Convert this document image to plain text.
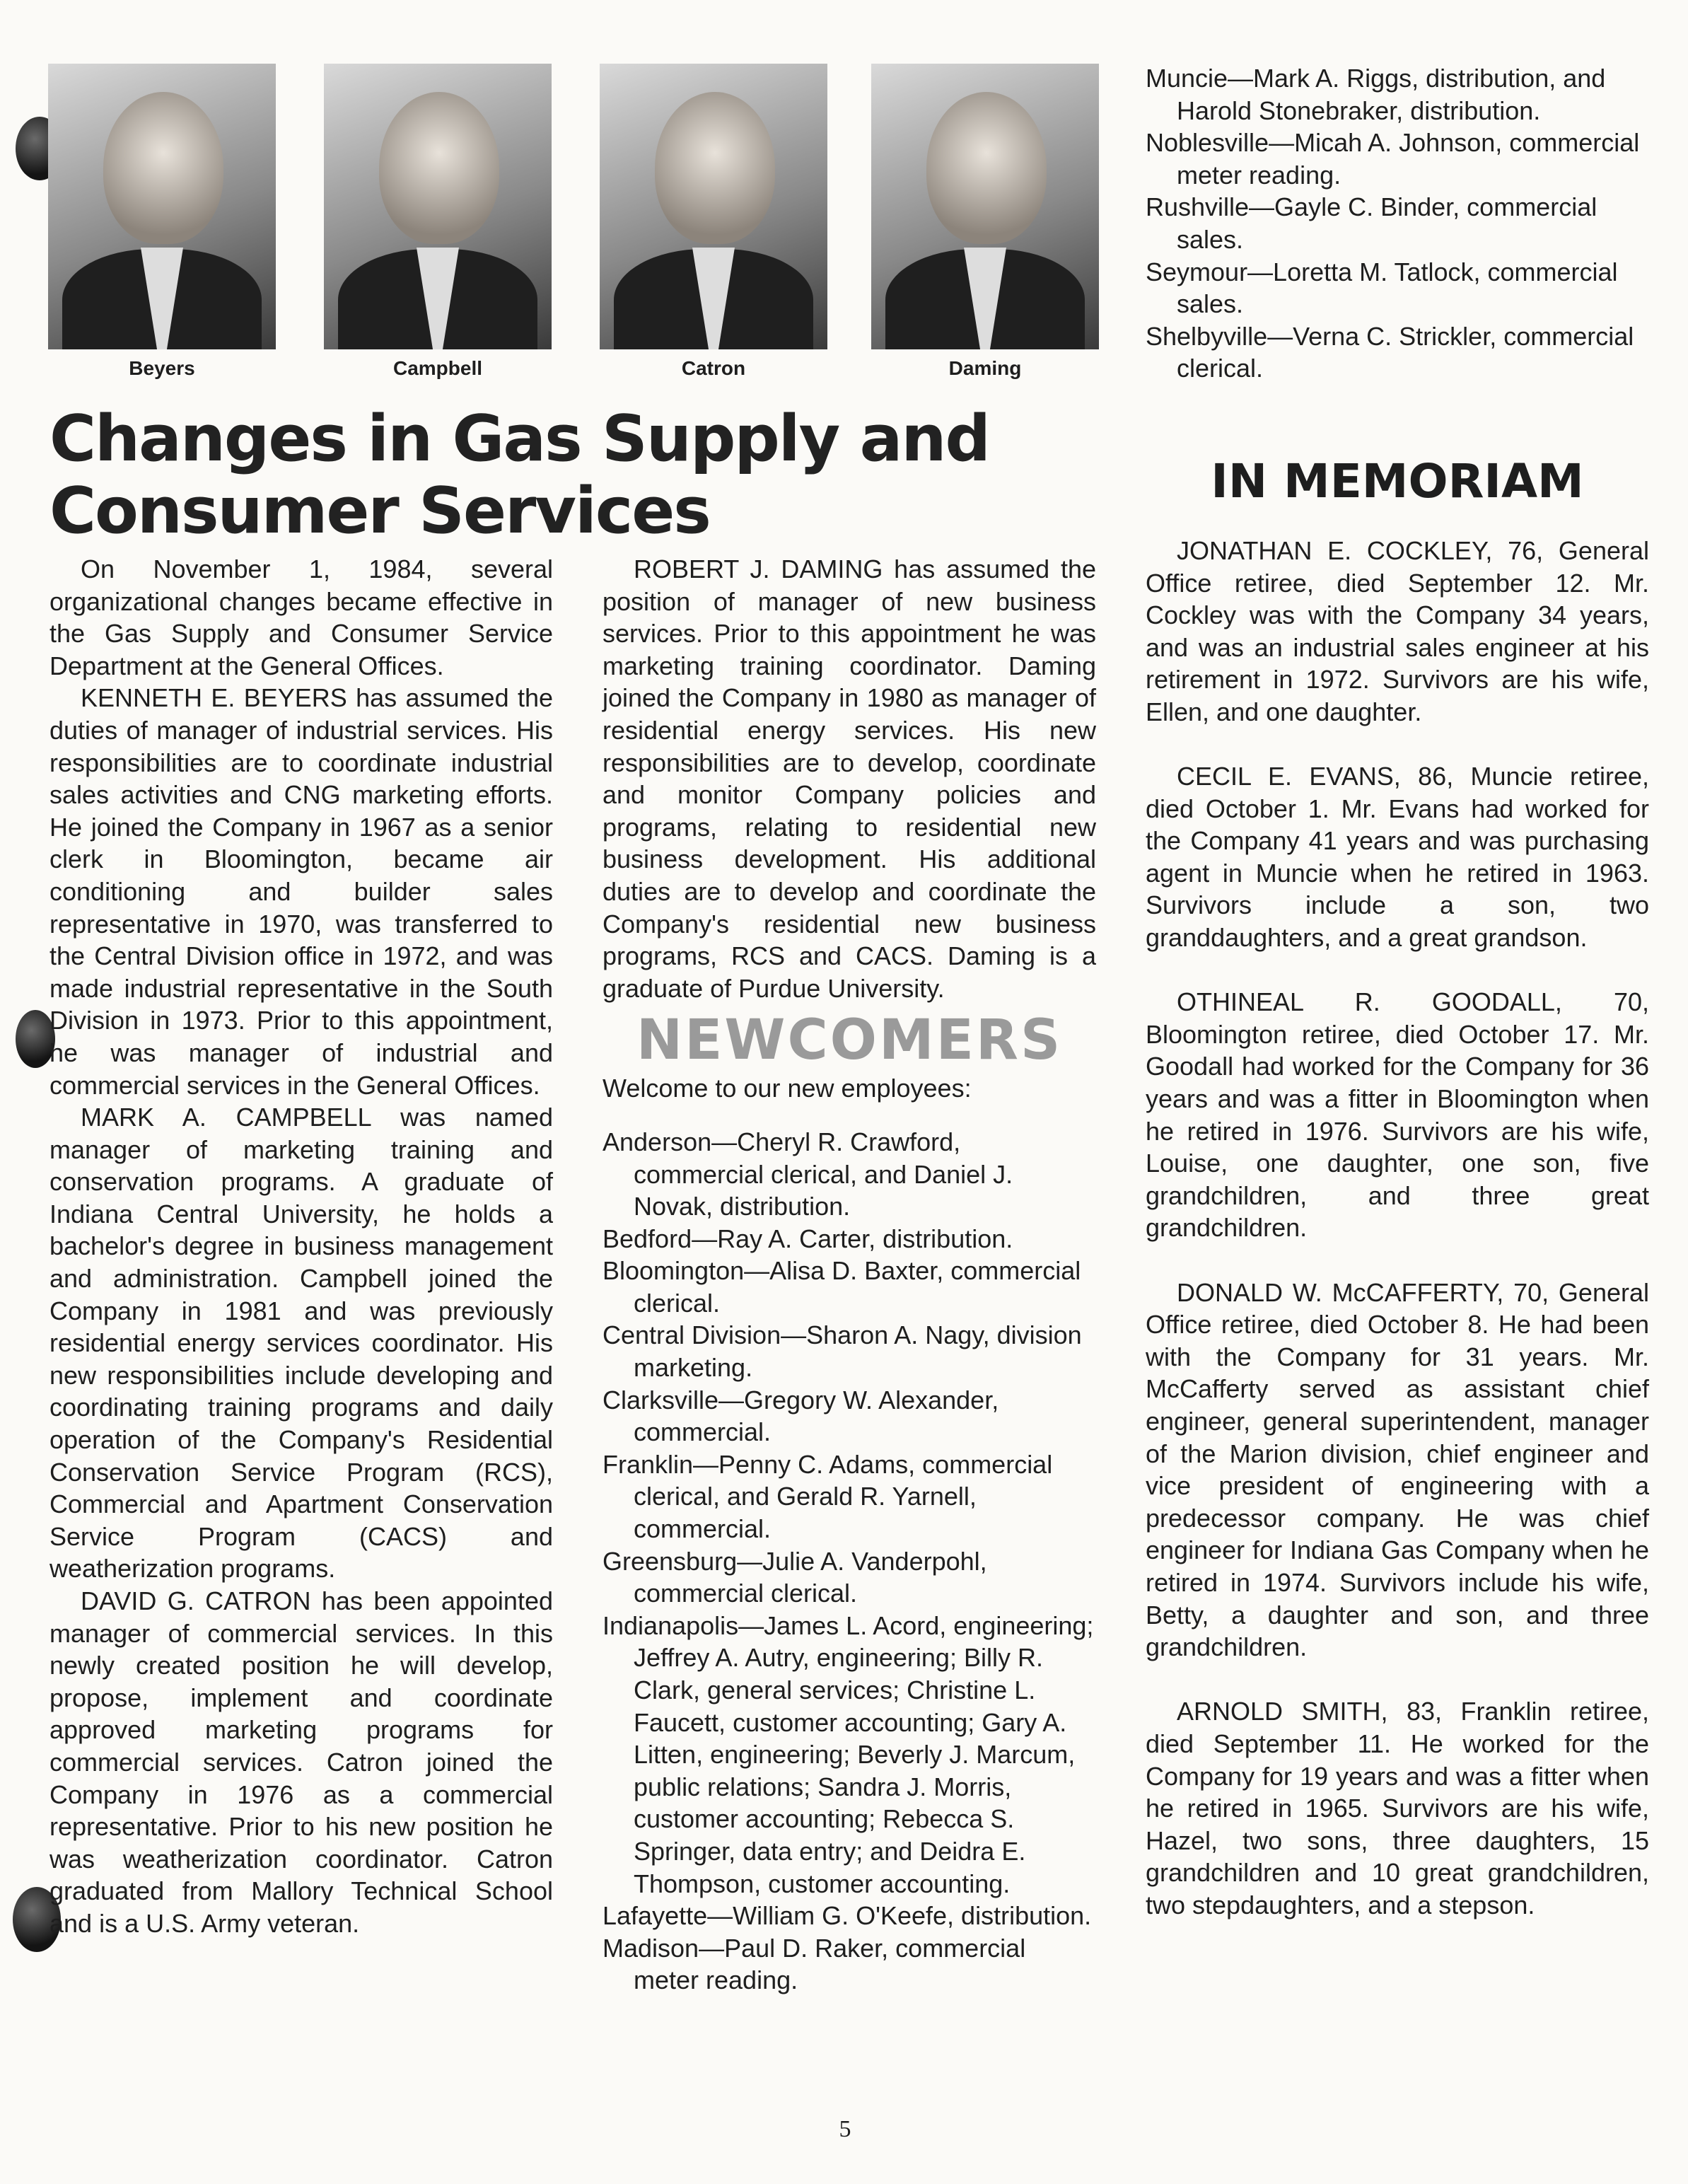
Beyers	Campbell	Catron	Daming
Changes in Gas Supply and
Consumer Services

On November 1, 1984, several organizational changes became effective in the Gas Supply and Consumer Service Department at the General Offices.

KENNETH E. BEYERS has assumed the duties of manager of industrial services. His responsibilities are to coordinate industrial sales activities and CNG marketing efforts. He joined the Company in 1967 as a senior clerk in Bloomington, became air conditioning and builder sales representative in 1970, was transferred to the Central Division office in 1972, and was made industrial representative in the South Division in 1973. Prior to this appointment, he was manager of industrial and commercial services in the General Offices.

MARK A. CAMPBELL was named manager of marketing training and conservation programs. A graduate of Indiana Central University, he holds a bachelor's degree in business management and administration. Campbell joined the Company in 1981 and was previously residential energy services coordinator. His new responsibilities include developing and coordinating training programs and daily operation of the Company's Residential Conservation Service Program (RCS), Commercial and Apartment Conservation Service Program (CACS) and weatherization programs.

DAVID G. CATRON has been appointed manager of commercial services. In this newly created position he will develop, propose, implement and coordinate approved marketing programs for commercial services. Catron joined the Company in 1976 as a commercial representative. Prior to his new position he was weatherization coordinator. Catron graduated from Mallory Technical School and is a U.S. Army veteran.

ROBERT J. DAMING has assumed the position of manager of new business services. Prior to this appointment he was marketing training coordinator. Daming joined the Company in 1980 as manager of residential energy services. His new responsibilities are to develop, coordinate and monitor Company policies and programs, relating to residential new business development. His additional duties are to develop and coordinate the Company's residential new business programs, RCS and CACS. Daming is a graduate of Purdue University.

NEWCOMERS

Welcome to our new employees:

Anderson—Cheryl R. Crawford, commercial clerical, and Daniel J. Novak, distribution.

Bedford—Ray A. Carter, distribution.

Bloomington—Alisa D. Baxter, commercial clerical.

Central Division—Sharon A. Nagy, division marketing.

Clarksville—Gregory W. Alexander, commercial.

Franklin—Penny C. Adams, commercial clerical, and Gerald R. Yarnell, commercial.

Greensburg—Julie A. Vanderpohl, commercial clerical.

Indianapolis—James L. Acord, engineering; Jeffrey A. Autry, engineering; Billy R. Clark, general services; Christine L. Faucett, customer accounting; Gary A. Litten, engineering; Beverly J. Marcum, public relations; Sandra J. Morris, customer accounting; Rebecca S. Springer, data entry; and Deidra E. Thompson, customer accounting.

Lafayette—William G. O'Keefe, distribution.

Madison—Paul D. Raker, commercial meter reading.

Muncie—Mark A. Riggs, distribution, and Harold Stonebraker, distribution.

Noblesville—Micah A. Johnson, commercial meter reading.

Rushville—Gayle C. Binder, commercial sales.

Seymour—Loretta M. Tatlock, commercial sales.

Shelbyville—Verna C. Strickler, commercial clerical.

IN MEMORIAM

JONATHAN E. COCKLEY, 76, General Office retiree, died September 12. Mr. Cockley was with the Company 34 years, and was an industrial sales engineer at his retirement in 1972. Survivors are his wife, Ellen, and one daughter.

CECIL E. EVANS, 86, Muncie retiree, died October 1. Mr. Evans had worked for the Company 41 years and was purchasing agent in Muncie when he retired in 1963. Survivors include a son, two granddaughters, and a great grandson.

OTHINEAL R. GOODALL, 70, Bloomington retiree, died October 17. Mr. Goodall had worked for the Company for 36 years and was a fitter in Bloomington when he retired in 1976. Survivors are his wife, Louise, one daughter, one son, five grandchildren, and three great grandchildren.

DONALD W. McCAFFERTY, 70, General Office retiree, died October 8. He had been with the Company for 31 years. Mr. McCafferty served as assistant chief engineer, general superintendent, manager of the Marion division, chief engineer and vice president of engineering with a predecessor company. He was chief engineer for Indiana Gas Company when he retired in 1974. Survivors include his wife, Betty, a daughter and son, and three grandchildren.

ARNOLD SMITH, 83, Franklin retiree, died September 11. He worked for the Company for 19 years and was a fitter when he retired in 1965. Survivors are his wife, Hazel, two sons, three daughters, 15 grandchildren and 10 great grandchildren, two stepdaughters, and a stepson.

5
